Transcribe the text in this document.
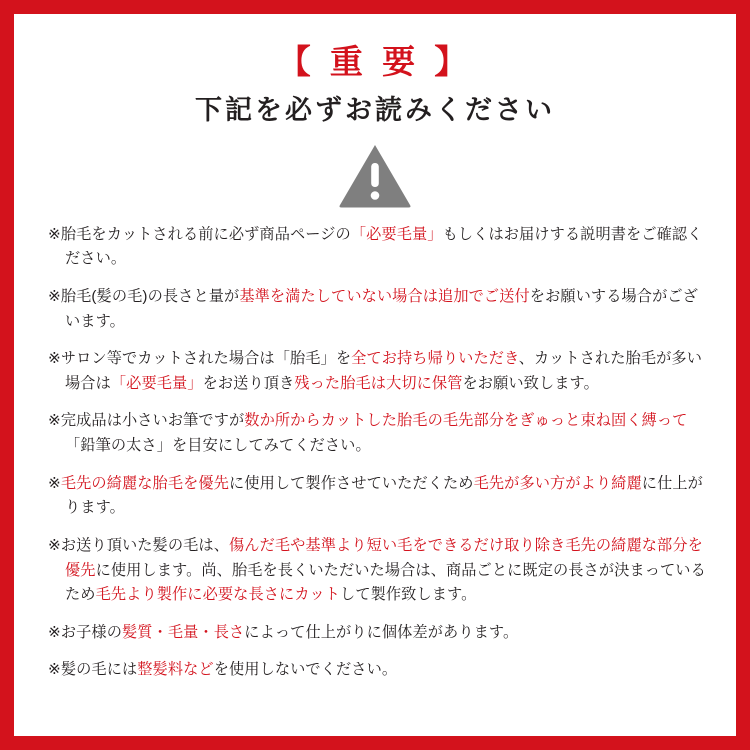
【 重 要 】
下記を必ずお読みください

※胎毛をカットされる前に必ず商品ページの「必要毛量」もしくはお届けする説明書をご確認ください。

※胎毛(髪の毛)の長さと量が基準を満たしていない場合は追加でご送付をお願いする場合がございます。

※サロン等でカットされた場合は「胎毛」を全てお持ち帰りいただき、カットされた胎毛が多い場合は「必要毛量」をお送り頂き残った胎毛は大切に保管をお願い致します。

※完成品は小さいお筆ですが数か所からカットした胎毛の毛先部分をぎゅっと束ね固く縛って「鉛筆の太さ」を目安にしてみてください。

※毛先の綺麗な胎毛を優先に使用して製作させていただくため毛先が多い方がより綺麗に仕上がります。

※お送り頂いた髪の毛は、傷んだ毛や基準より短い毛をできるだけ取り除き毛先の綺麗な部分を優先に使用します。尚、胎毛を長くいただいた場合は、商品ごとに既定の長さが決まっているため毛先より製作に必要な長さにカットして製作致します。

※お子様の髪質・毛量・長さによって仕上がりに個体差があります。

※髪の毛には整髪料などを使用しないでください。
